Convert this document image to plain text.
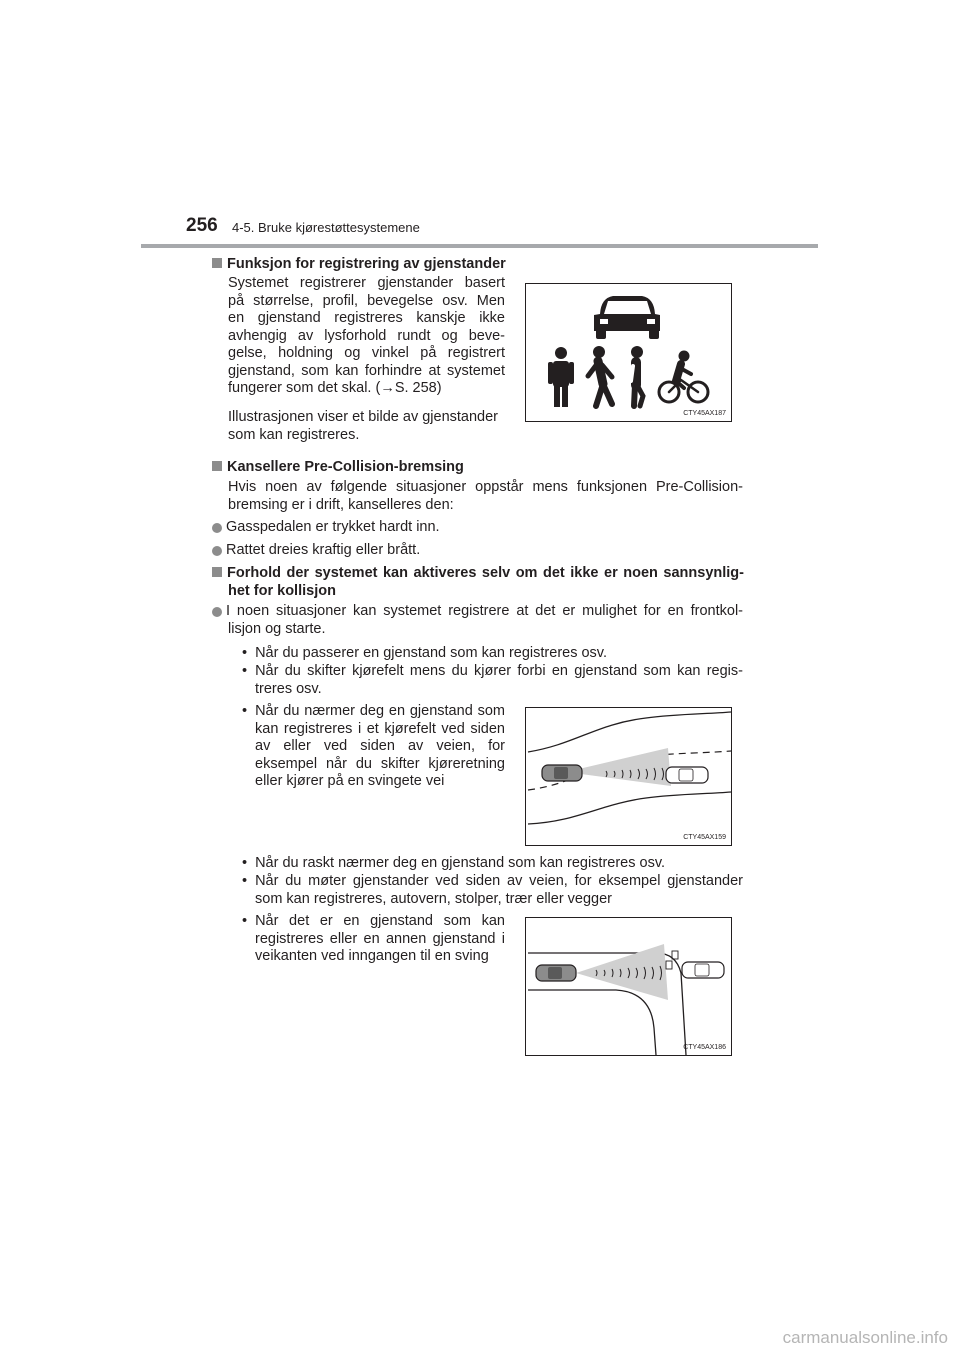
256 4-5. Bruke kjørestøttesystemene
Funksjon for registrering av gjenstander
Systemet registrerer gjenstander basert
på størrelse, profil, bevegelse osv. Men
en gjenstand registreres kanskje ikke
avhengig av lysforhold rundt og beve-
gelse, holdning og vinkel på registrert
gjenstand, som kan forhindre at systemet
fungerer som det skal. (→S. 258)
Illustrasjonen viser et bilde av gjenstander
som kan registreres.
CTY45AX187
Kansellere Pre-Collision-bremsing
Hvis noen av følgende situasjoner oppstår mens funksjonen Pre-Collision-
bremsing er i drift, kanselleres den:
Gasspedalen er trykket hardt inn.
Rattet dreies kraftig eller brått.
Forhold der systemet kan aktiveres selv om det ikke er noen sannsynlig-
het for kollisjon
I noen situasjoner kan systemet registrere at det er mulighet for en frontkol-
lisjon og starte.
• Når du passerer en gjenstand som kan registreres osv.
• Når du skifter kjørefelt mens du kjører forbi en gjenstand som kan regis-
treres osv.
• Når du nærmer deg en gjenstand som
kan registreres i et kjørefelt ved siden
av eller ved siden av veien, for
eksempel når du skifter kjøreretning
eller kjører på en svingete vei
CTY45AX159
• Når du raskt nærmer deg en gjenstand som kan registreres osv.
• Når du møter gjenstander ved siden av veien, for eksempel gjenstander
som kan registreres, autovern, stolper, trær eller vegger
• Når det er en gjenstand som kan
registreres eller en annen gjenstand i
veikanten ved inngangen til en sving
CTY45AX186
carmanualsonline.info
